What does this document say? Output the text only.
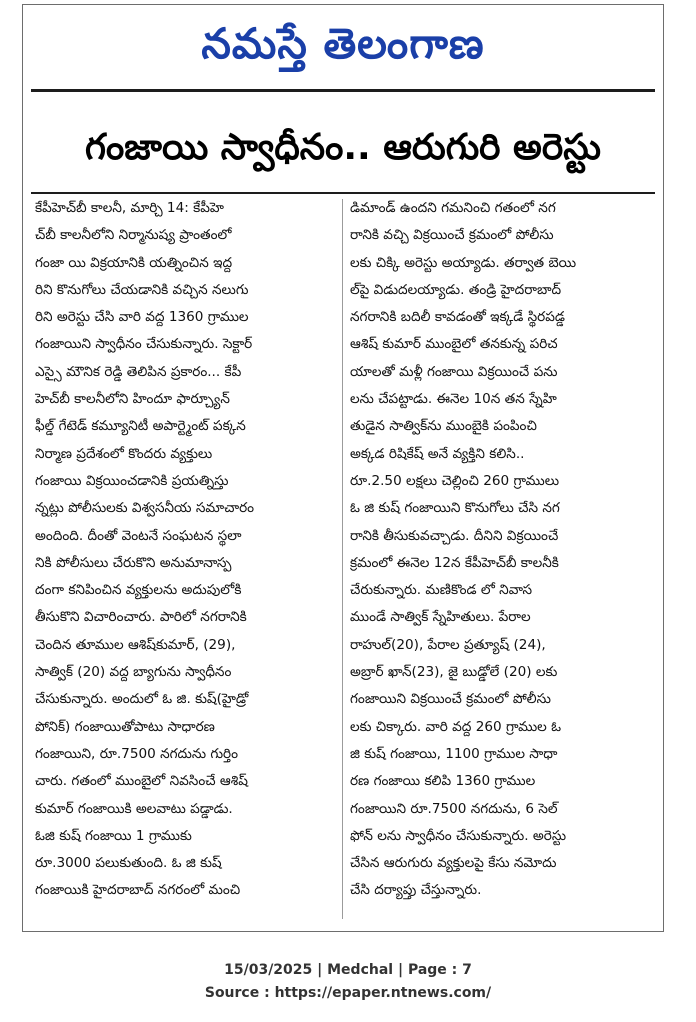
నమస్తే తెలంగాణ
గంజాయి స్వాధీనం.. ఆరుగురి అరెస్టు

కేపీహెచ్‌బీ కాలనీ, మార్చి 14: కేపీహె

చ్‌బీ కాలనీలోని నిర్మానుష్య ప్రాంతంలో

గంజా యి విక్రయానికి యత్నించిన ఇద్ద

రిని కొనుగోలు చేయడానికి వచ్చిన నలుగు

రిని అరెస్టు చేసి వారి వద్ద 1360 గ్రాముల

గంజాయిని స్వాధీనం చేసుకున్నారు. సెక్టార్

ఎస్సై మౌనిక రెడ్డి తెలిపిన ప్రకారం... కేపీ

హెచ్‌బీ కాలనీలోని హిందూ ఫార్చ్యూన్

ఫీల్డ్ గేటెడ్ కమ్యూనిటీ అపార్ట్మెంట్ పక్కన

నిర్మాణ ప్రదేశంలో కొందరు వ్యక్తులు

గంజాయి విక్రయించడానికి ప్రయత్నిస్తు

న్నట్లు పోలీసులకు విశ్వసనీయ సమాచారం

అందింది. దీంతో వెంటనే సంఘటన స్థలా

నికి పోలీసులు చేరుకొని అనుమానాస్ప

దంగా కనిపించిన వ్యక్తులను అదుపులోకి

తీసుకొని విచారించారు. పారిలో నగరానికి

చెందిన తూముల ఆశిష్‌కుమార్, (29),

సాత్విక్ (20) వద్ద బ్యాగును స్వాధీనం

చేసుకున్నారు. అందులో ఓ జి. కుష్(హైడ్రో

పోనిక్) గంజాయితోపాటు సాధారణ

గంజాయిని, రూ.7500 నగదును గుర్తిం

చారు. గతంలో ముంబైలో నివసించే ఆశిష్

కుమార్ గంజాయికి అలవాటు పడ్డాడు.

ఓజి కుష్ గంజాయి 1 గ్రాముకు

రూ.3000 పలుకుతుంది. ఓ జి కుష్

గంజాయికి హైదరాబాద్ నగరంలో మంచి

డిమాండ్ ఉందని గమనించి గతంలో నగ

రానికి వచ్చి విక్రయించే క్రమంలో పోలీసు

లకు చిక్కి అరెస్టు అయ్యాడు. తర్వాత బెయి

ల్‌పై విడుదలయ్యాడు. తండ్రి హైదరాబాద్

నగరానికి బదిలీ కావడంతో ఇక్కడే స్థిరపడ్డ

ఆశిష్ కుమార్ ముంబైలో తనకున్న పరిచ

యాలతో మళ్లీ గంజాయి విక్రయించే పను

లను చేపట్టాడు. ఈనెల 10న తన స్నేహి

తుడైన సాత్విక్‌ను ముంబైకి పంపించి

అక్కడ రిషికేష్ అనే వ్యక్తిని కలిసి..

రూ.2.50 లక్షలు చెల్లించి 260 గ్రాములు

ఓ జి కుష్ గంజాయిని కొనుగోలు చేసి నగ

రానికి తీసుకువచ్చాడు. దీనిని విక్రయించే

క్రమంలో ఈనెల 12న కేపీహెచ్‌బీ కాలనీకి

చేరుకున్నారు. మణికొండ లో నివాస

ముండే సాత్విక్ స్నేహితులు. పేరాల

రాహుల్(20), పేరాల ప్రత్యూష్ (24),

అబ్రార్ ఖాన్(23), జై బుడ్డోలే (20) లకు

గంజాయిని విక్రయించే క్రమంలో పోలీసు

లకు చిక్కారు. వారి వద్ద 260 గ్రాముల ఓ

జి కుష్ గంజాయి, 1100 గ్రాముల సాధా

రణ గంజాయి కలిపి 1360 గ్రాముల

గంజాయిని రూ.7500 నగదును, 6 సెల్

ఫోన్ లను స్వాధీనం చేసుకున్నారు. అరెస్టు

చేసిన ఆరుగురు వ్యక్తులపై కేసు నమోదు

చేసి దర్యాప్తు చేస్తున్నారు.

15/03/2025 | Medchal | Page : 7
Source : https://epaper.ntnews.com/
